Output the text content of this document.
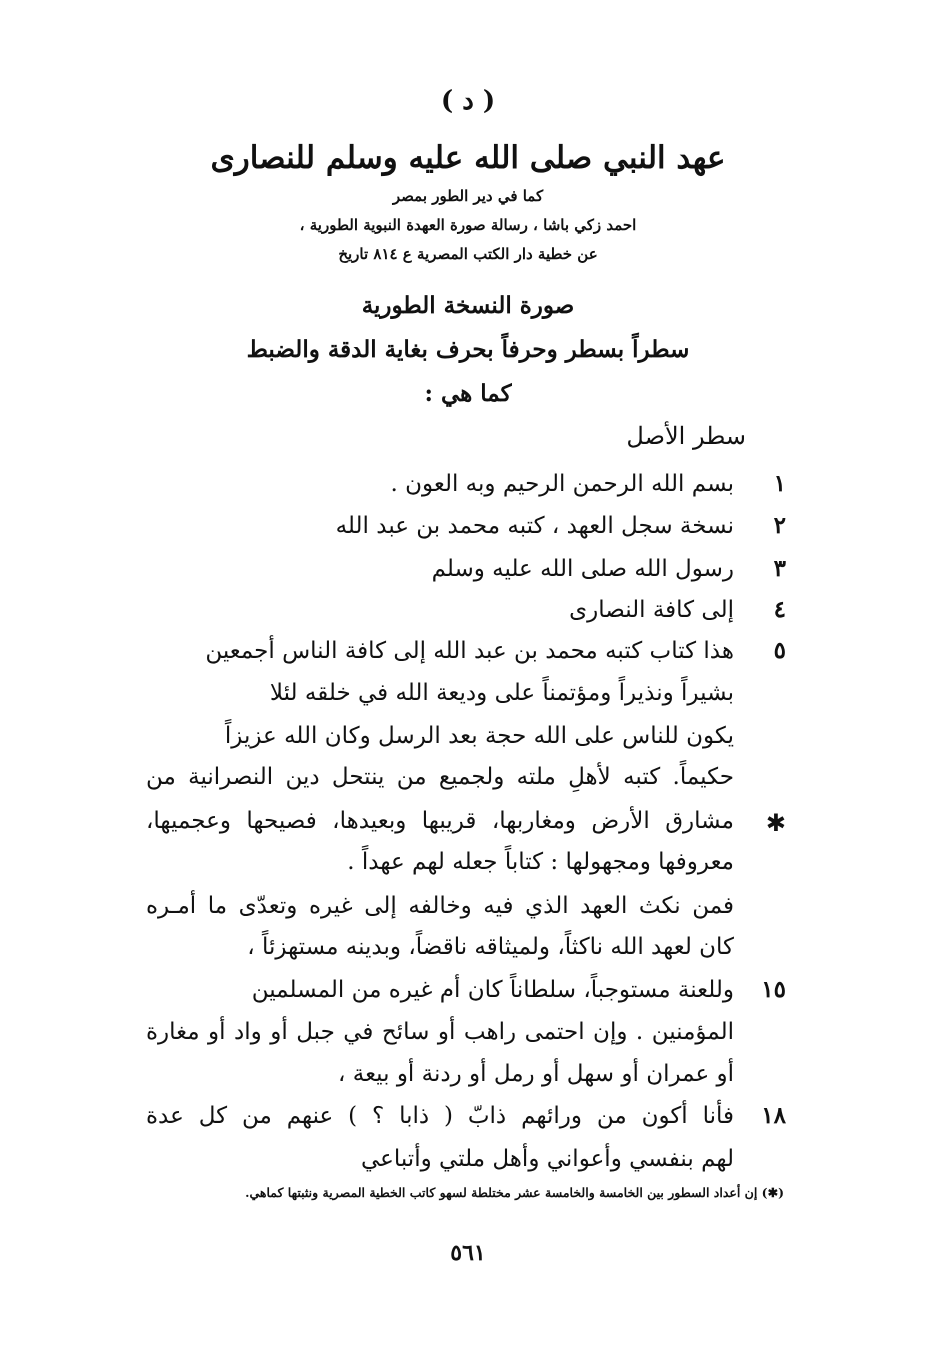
( د )
عهد النبي صلى الله عليه وسلم للنصارى
كما في دير الطور بمصر
احمد زكي باشا ، رسالة صورة العهدة النبوية الطورية ،
عن خطية دار الكتب المصرية ع ٨١٤ تاريخ
صورة النسخة الطورية
سطراً بسطر وحرفاً بحرف بغاية الدقة والضبط
كما هي :
سطر الأصل
١
بسم الله الرحمن الرحيم وبه العون .
٢
نسخة سجل العهد ، كتبه محمد بن عبد الله
٣
رسول الله صلى الله عليه وسلم
٤
إلى كافة النصارى
٥
هذا كتاب كتبه محمد بن عبد الله إلى كافة الناس أجمعين
بشيراً ونذيراً ومؤتمناً على وديعة الله في خلقه لئلا
يكون للناس على الله حجة بعد الرسل وكان الله عزيزاً
حكيماً. كتبه لأهلِ ملته ولجميع من ينتحل دين النصرانية من
✱
مشارق الأرض ومغاربها، قريبها وبعيدها، فصيحها وعجميها،
معروفها ومجهولها : كتاباً جعله لهم عهداً .
فمن نكث العهد الذي فيه وخالفه إلى غيره وتعدّى ما أمـره
كان لعهد الله ناكثاً، ولميثاقه ناقضاً، وبدينه مستهزئاً ،
١٥
وللعنة مستوجباً، سلطاناً كان أم غيره من المسلمين
المؤمنين . وإن احتمى راهب أو سائح في جبل أو واد أو مغارة
أو عمران أو سهل أو رمل أو ردنة أو بيعة ،
١٨
فأنا أكون من ورائهم ذابّ ( ذابا ؟ ) عنهم من كل عدة
لهم بنفسي وأعواني وأهل ملتي وأتباعي
(✱) إن أعداد السطور بين الخامسة والخامسة عشر مختلطة لسهو كاتب الخطية المصرية ونثبتها كماهي.
٥٦١
